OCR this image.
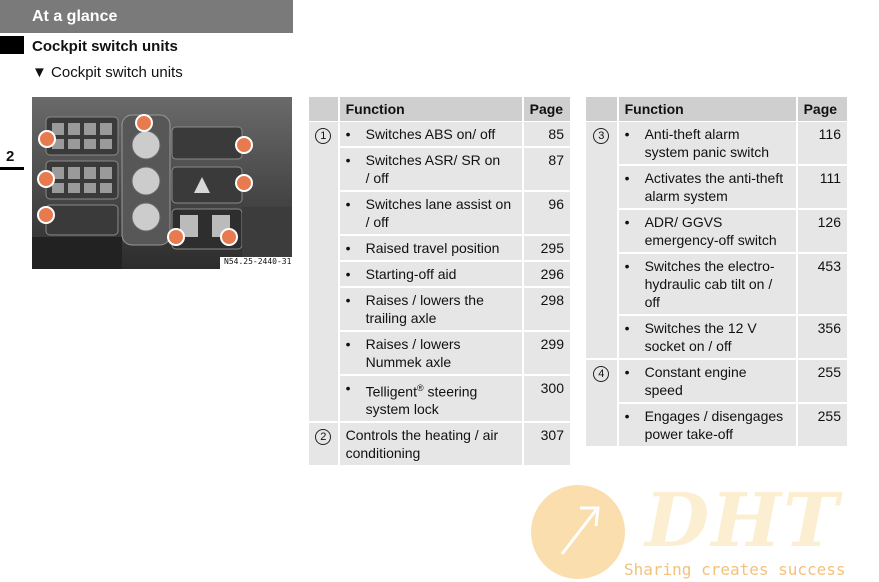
At a glance
Cockpit switch units
▼ Cockpit switch units
2
N54.25-2440-31
	Function	Page
1	• Switches ABS on/ off	85

	• Switches ASR/ SR on / off	87

	• Switches lane assist on / off	96

	• Raised travel position	295

	• Starting-off aid	296

	• Raises / lowers the trailing axle	298

	• Raises / lowers Nummek axle	299

	• Telligent® steering system lock	300
2	Controls the heating / air conditioning	307
	Function	Page
3	• Anti-theft alarm system panic switch	116

	• Activates the anti-theft alarm system	111

	• ADR/ GGVS emergency-off switch	126

	• Switches the electro-hydraulic cab tilt on / off	453

	• Switches the 12 V socket on / off	356
4	• Constant engine speed	255

	• Engages / disengages power take-off	255
DHT
Sharing creates success
